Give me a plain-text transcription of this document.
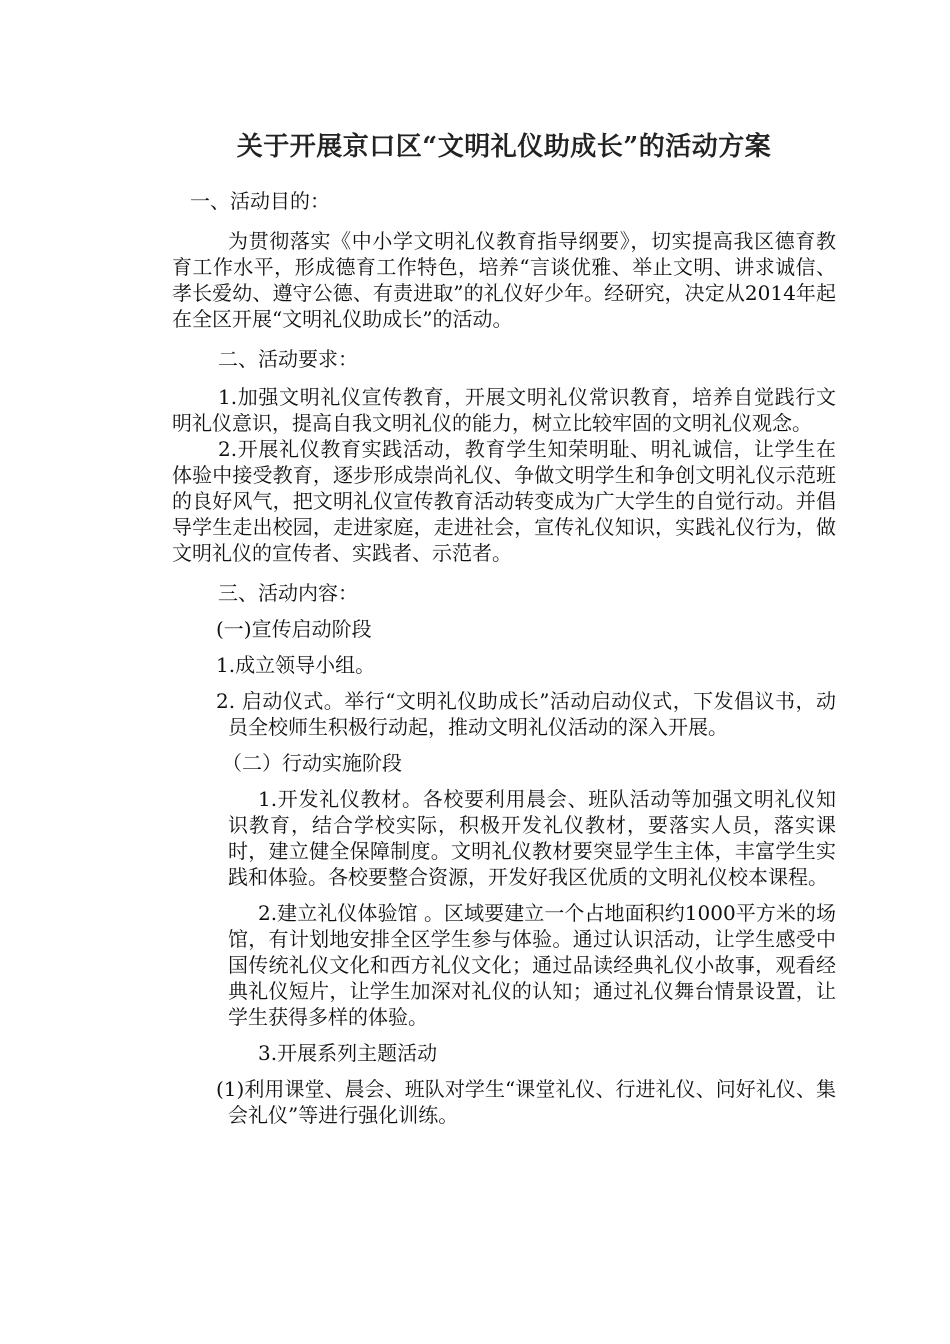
关于开展京口区“文明礼仪助成长”的活动方案

一、活动目的：

为贯彻落实《中小学文明礼仪教育指导纲要》，切实提高我区德育教育工作水平，形成德育工作特色，培养“言谈优雅、举止文明、讲求诚信、孝长爱幼、遵守公德、有责进取”的礼仪好少年。经研究，决定从2014年起在全区开展“文明礼仪助成长”的活动。

二、活动要求：

1.加强文明礼仪宣传教育，开展文明礼仪常识教育，培养自觉践行文明礼仪意识，提高自我文明礼仪的能力，树立比较牢固的文明礼仪观念。

2.开展礼仪教育实践活动，教育学生知荣明耻、明礼诚信，让学生在体验中接受教育，逐步形成崇尚礼仪、争做文明学生和争创文明礼仪示范班的良好风气，把文明礼仪宣传教育活动转变成为广大学生的自觉行动。并倡导学生走出校园，走进家庭，走进社会，宣传礼仪知识，实践礼仪行为，做文明礼仪的宣传者、实践者、示范者。

三、活动内容：

(一)宣传启动阶段

1.成立领导小组。

2. 启动仪式。举行“文明礼仪助成长”活动启动仪式，下发倡议书，动员全校师生积极行动起，推动文明礼仪活动的深入开展。

（二）行动实施阶段

1.开发礼仪教材。各校要利用晨会、班队活动等加强文明礼仪知识教育，结合学校实际，积极开发礼仪教材，要落实人员，落实课时，建立健全保障制度。文明礼仪教材要突显学生主体，丰富学生实践和体验。各校要整合资源，开发好我区优质的文明礼仪校本课程。

2.建立礼仪体验馆 。区域要建立一个占地面积约1000平方米的场馆，有计划地安排全区学生参与体验。通过认识活动，让学生感受中国传统礼仪文化和西方礼仪文化；通过品读经典礼仪小故事，观看经典礼仪短片，让学生加深对礼仪的认知；通过礼仪舞台情景设置，让学生获得多样的体验。

3.开展系列主题活动

(1)利用课堂、晨会、班队对学生“课堂礼仪、行进礼仪、问好礼仪、集会礼仪”等进行强化训练。
